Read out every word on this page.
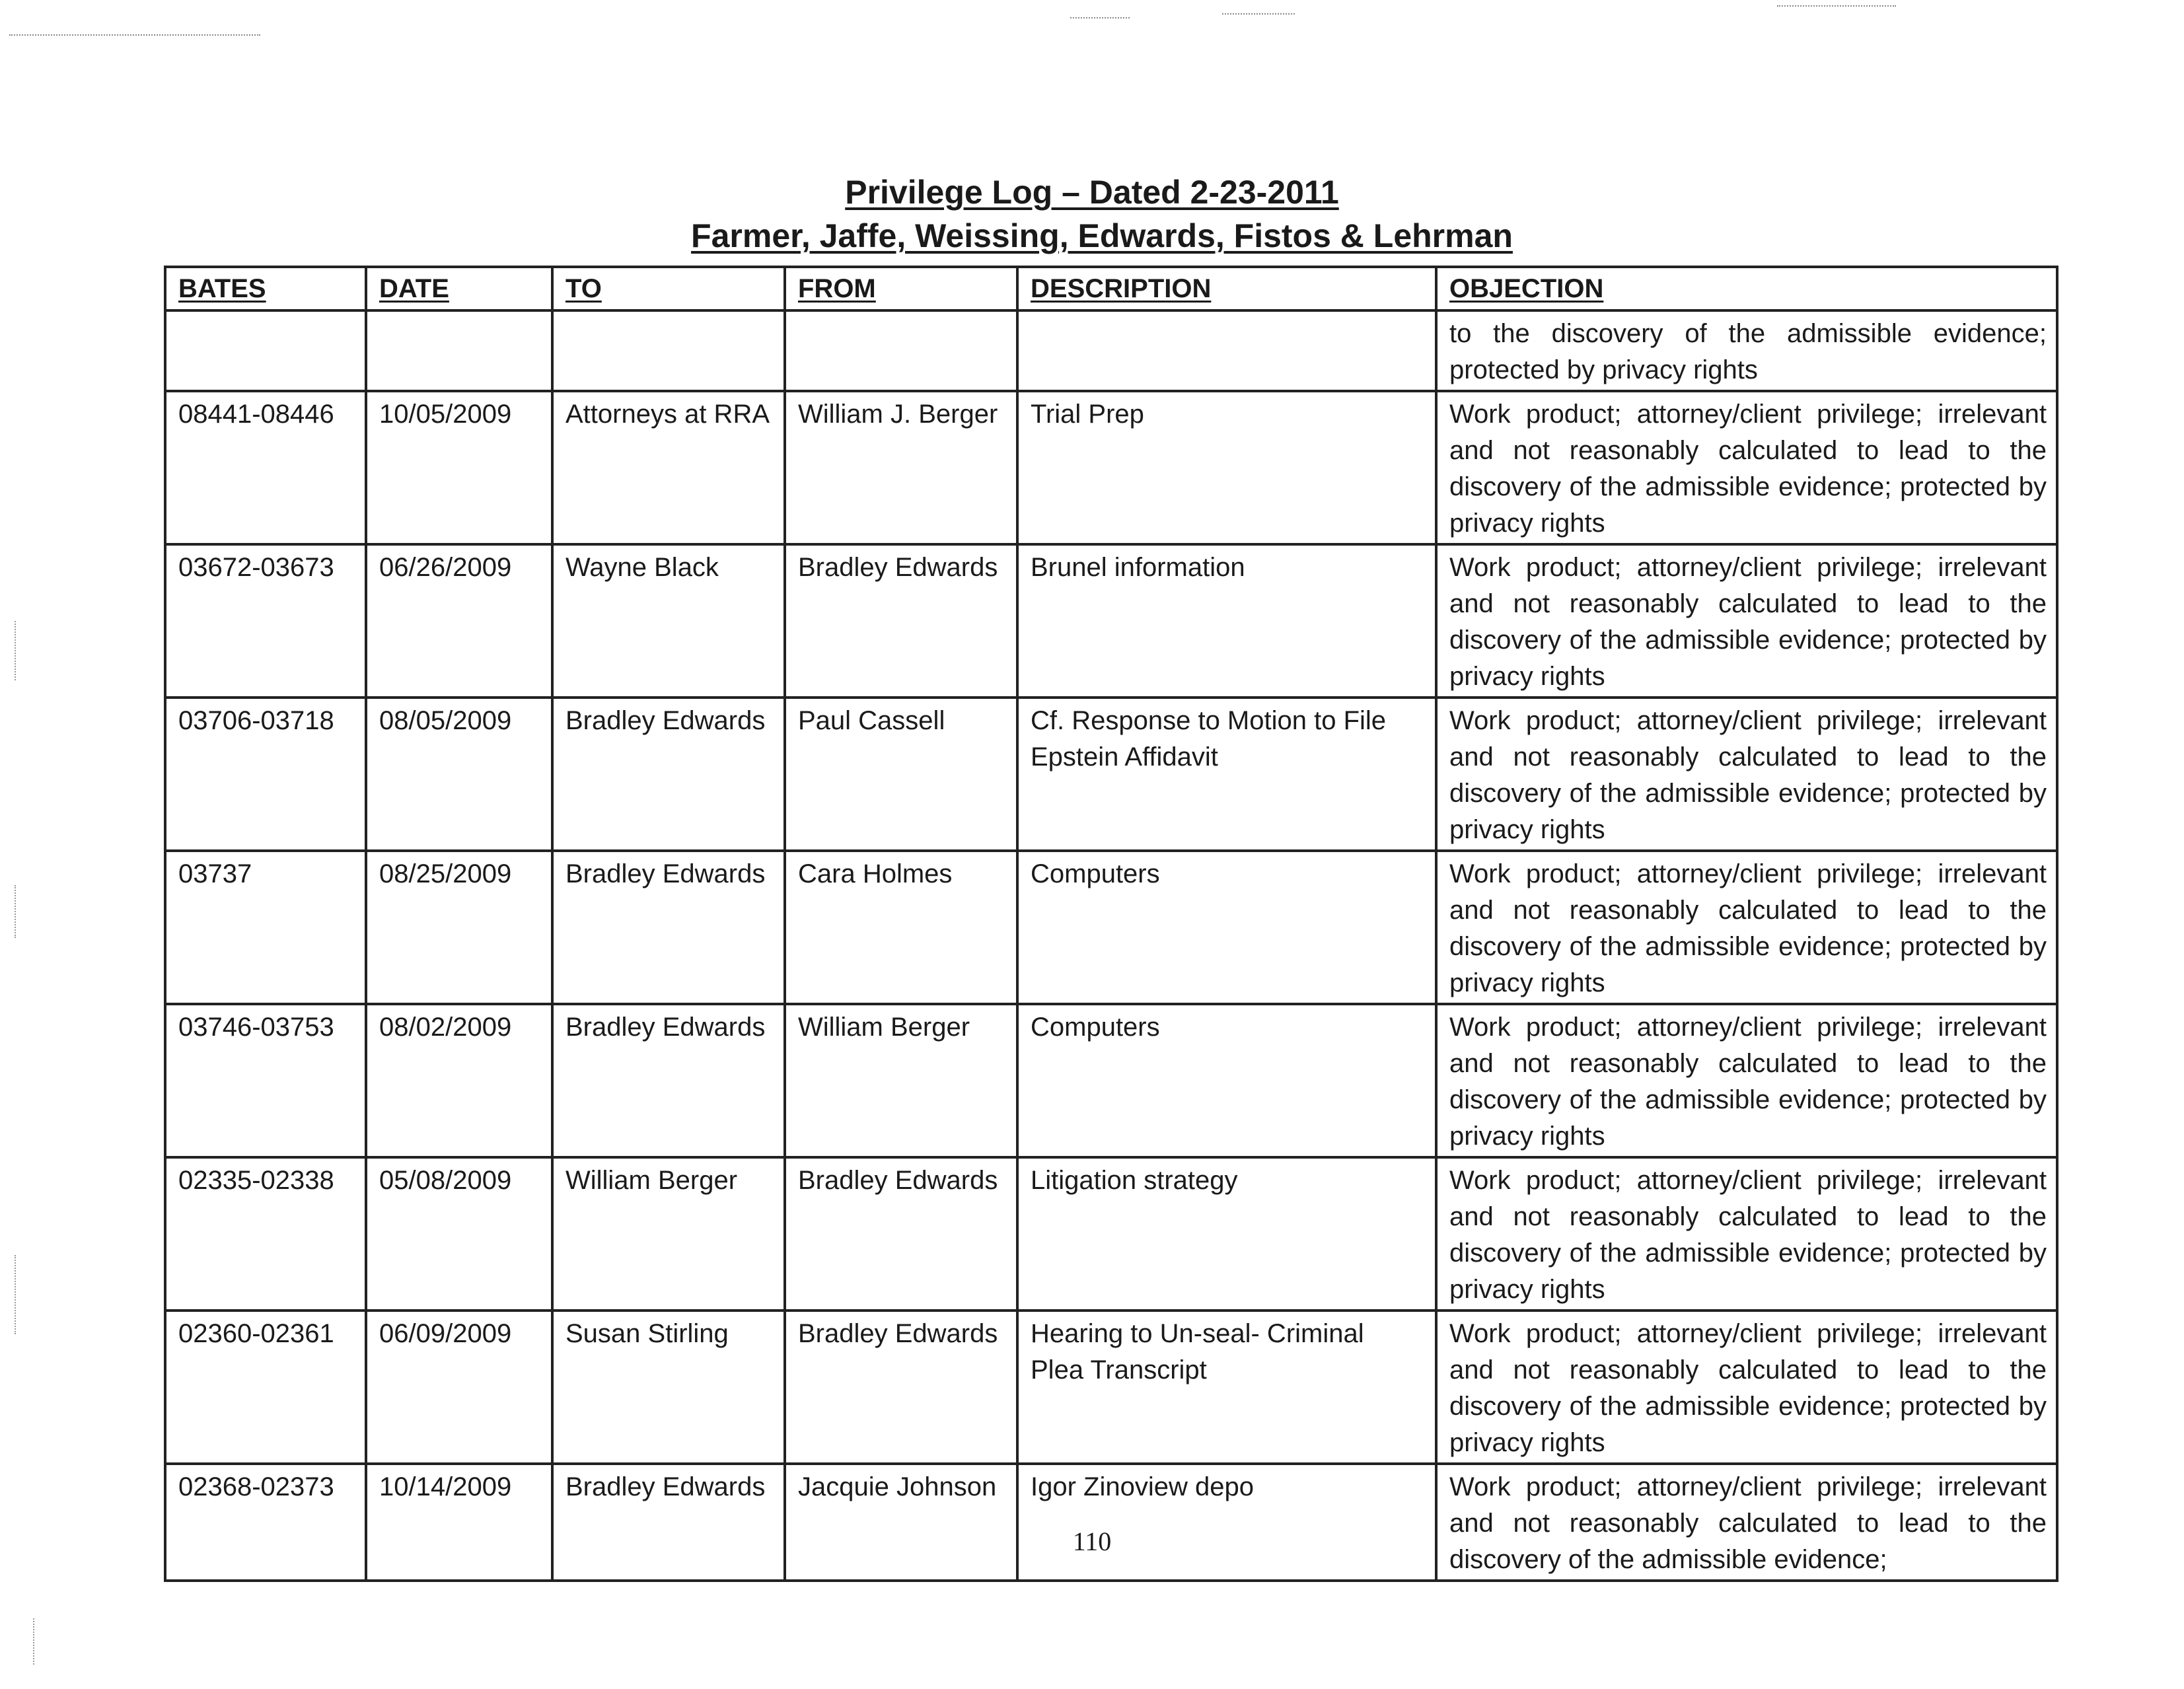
Privilege Log – Dated 2-23-2011

Farmer, Jaffe, Weissing, Edwards, Fistos & Lehrman

BATES	DATE	TO	FROM	DESCRIPTION	OBJECTION
					to the discovery of the admissible evidence; protected by privacy rights
08441-08446	10/05/2009	Attorneys at RRA	William J. Berger	Trial Prep	Work product; attorney/client privilege; irrelevant and not reasonably calculated to lead to the discovery of the admissible evidence; protected by privacy rights
03672-03673	06/26/2009	Wayne Black	Bradley Edwards	Brunel information	Work product; attorney/client privilege; irrelevant and not reasonably calculated to lead to the discovery of the admissible evidence; protected by privacy rights
03706-03718	08/05/2009	Bradley Edwards	Paul Cassell	Cf. Response to Motion to File Epstein Affidavit	Work product; attorney/client privilege; irrelevant and not reasonably calculated to lead to the discovery of the admissible evidence; protected by privacy rights
03737	08/25/2009	Bradley Edwards	Cara Holmes	Computers	Work product; attorney/client privilege; irrelevant and not reasonably calculated to lead to the discovery of the admissible evidence; protected by privacy rights
03746-03753	08/02/2009	Bradley Edwards	William Berger	Computers	Work product; attorney/client privilege; irrelevant and not reasonably calculated to lead to the discovery of the admissible evidence; protected by privacy rights
02335-02338	05/08/2009	William Berger	Bradley Edwards	Litigation strategy	Work product; attorney/client privilege; irrelevant and not reasonably calculated to lead to the discovery of the admissible evidence; protected by privacy rights
02360-02361	06/09/2009	Susan Stirling	Bradley Edwards	Hearing to Un-seal- Criminal Plea Transcript	Work product; attorney/client privilege; irrelevant and not reasonably calculated to lead to the discovery of the admissible evidence; protected by privacy rights
02368-02373	10/14/2009	Bradley Edwards	Jacquie Johnson	Igor Zinoview depo	Work product; attorney/client privilege; irrelevant and not reasonably calculated to lead to the discovery of the admissible evidence;
110
